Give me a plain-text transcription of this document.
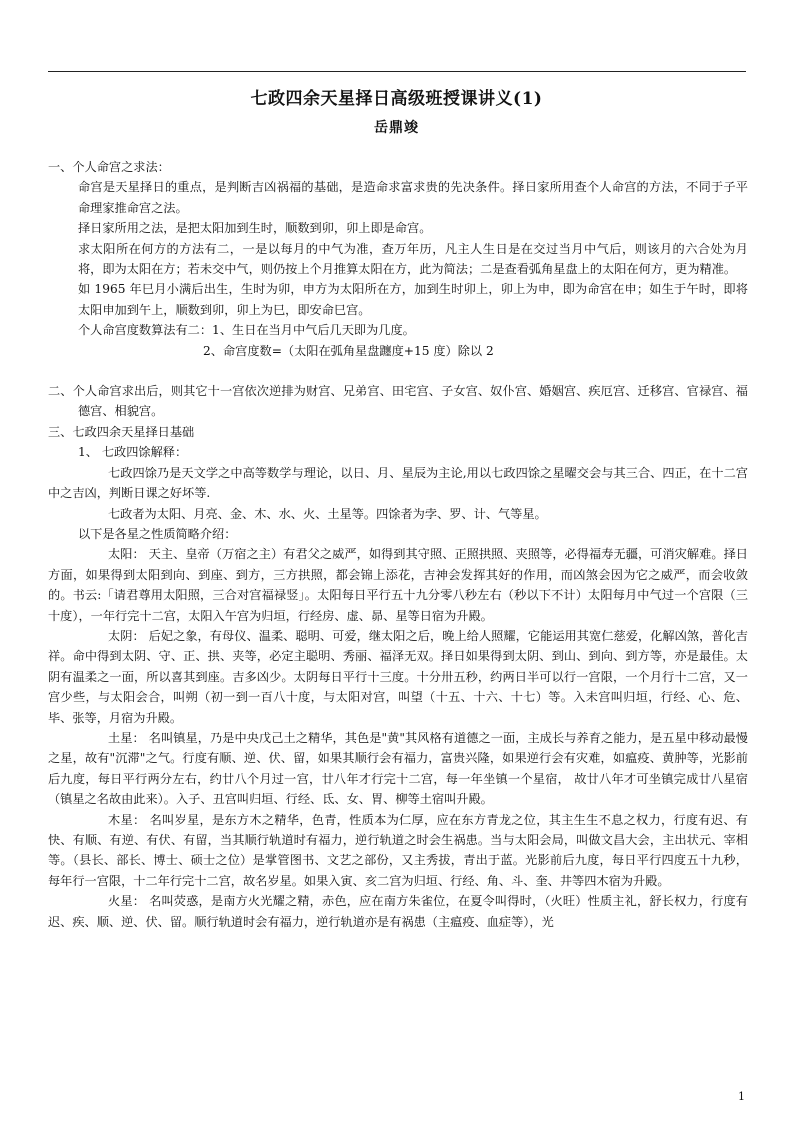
七政四余天星择日高级班授课讲义(1)
岳鼎竣

一、个人命宫之求法：

命宫是天星择日的重点，是判断吉凶祸福的基础，是造命求富求贵的先决条件。择日家所用查个人命宫的方法，不同于子平命理家推命宫之法。

择日家所用之法，是把太阳加到生时，顺数到卯，卯上即是命宫。

求太阳所在何方的方法有二，一是以每月的中气为准，查万年历，凡主人生日是在交过当月中气后，则该月的六合处为月将，即为太阳在方；若未交中气，则仍按上个月推算太阳在方，此为简法；二是查看弧角星盘上的太阳在何方，更为精准。

如 1965 年巳月小满后出生，生时为卯，申方为太阳所在方，加到生时卯上，卯上为申，即为命宫在申；如生于午时，即将太阳申加到午上，顺数到卯，卯上为巳，即安命巳宫。

个人命宫度数算法有二：1、生日在当月中气后几天即为几度。

2、命宫度数=（太阳在弧角星盘躔度+15 度）除以 2

二、个人命宫求出后，则其它十一宫依次逆排为财宫、兄弟宫、田宅宫、子女宫、奴仆宫、婚姻宫、疾厄宫、迁移宫、官禄宫、福德宫、相貌宫。

三、七政四余天星择日基础

1、 七政四馀解释：

七政四馀乃是天文学之中高等数学与理论，以日、月、星辰为主论,用以七政四馀之星曜交会与其三合、四正，在十二宫中之吉凶，判断日课之好坏等.

七政者为太阳、月亮、金、木、水、火、土星等。四馀者为孛、罗、计、气等星。

以下是各星之性质简略介绍：

太阳： 天主、皇帝（万宿之主）有君父之威严，如得到其守照、正照拱照、夹照等，必得福寿无疆，可消灾解难。择日方面，如果得到太阳到向、到座、到方，三方拱照，都会锦上添花，吉神会发挥其好的作用，而凶煞会因为它之威严，而会收敛的。书云:「请君尊用太阳照，三合对宫福禄竖」。太阳每日平行五十九分零八秒左右（秒以下不计）太阳每月中气过一个宫限（三十度），一年行完十二宫，太阳入午宫为归垣，行经房、虚、昴、星等日宿为升殿。

太阴： 后妃之象，有母仪、温柔、聪明、可爱，继太阳之后，晚上给人照耀，它能运用其宽仁慈爱，化解凶煞，普化吉祥。命中得到太阴、守、正、拱、夹等，必定主聪明、秀丽、福泽无双。择日如果得到太阴、到山、到向、到方等，亦是最佳。太阴有温柔之一面，所以喜其到座。吉多凶少。太阴每日平行十三度。十分卅五秒，约两日半可以行一宫限，一个月行十二宫，又一宫少些，与太阳会合，叫朔（初一到一百八十度，与太阳对宫，叫望（十五、十六、十七）等。入未宫叫归垣，行经、心、危、毕、张等，月宿为升殿。

土星： 名叫镇星，乃是中央戊己土之精华，其色是"黄"其风格有道德之一面，主成长与养育之能力，是五星中移动最慢之星，故有"沉滞"之气。行度有顺、逆、伏、留，如果其顺行会有福力，富贵兴隆，如果逆行会有灾难，如瘟疫、黄肿等，光影前后九度，每日平行两分左右，约廿八个月过一宫，廿八年才行完十二宫，每一年坐镇一个星宿， 故廿八年才可坐镇完成廿八星宿（镇星之名故由此来）。入子、丑宫叫归垣、行经、氐、女、胃、柳等土宿叫升殿。

木星： 名叫岁星，是东方木之精华，色青，性质本为仁厚，应在东方青龙之位，其主生生不息之权力，行度有迟、有快、有顺、有逆、有伏、有留，当其顺行轨道时有福力，逆行轨道之时会生祸患。当与太阳会局，叫做文昌大会，主出状元、宰相等。（县长、部长、博士、硕士之位）是掌管图书、文艺之部份，又主秀拔，青出于蓝。光影前后九度，每日平行四度五十九秒，每年行一宫限，十二年行完十二宫，故名岁星。如果入寅、亥二宫为归垣、行经、角、斗、奎、井等四木宿为升殿。

火星： 名叫荧惑，是南方火光耀之精，赤色，应在南方朱雀位，在夏令叫得时，（火旺）性质主礼，舒长权力，行度有迟、疾、顺、逆、伏、留。顺行轨道时会有福力，逆行轨道亦是有祸患（主瘟疫、血症等），光

1
